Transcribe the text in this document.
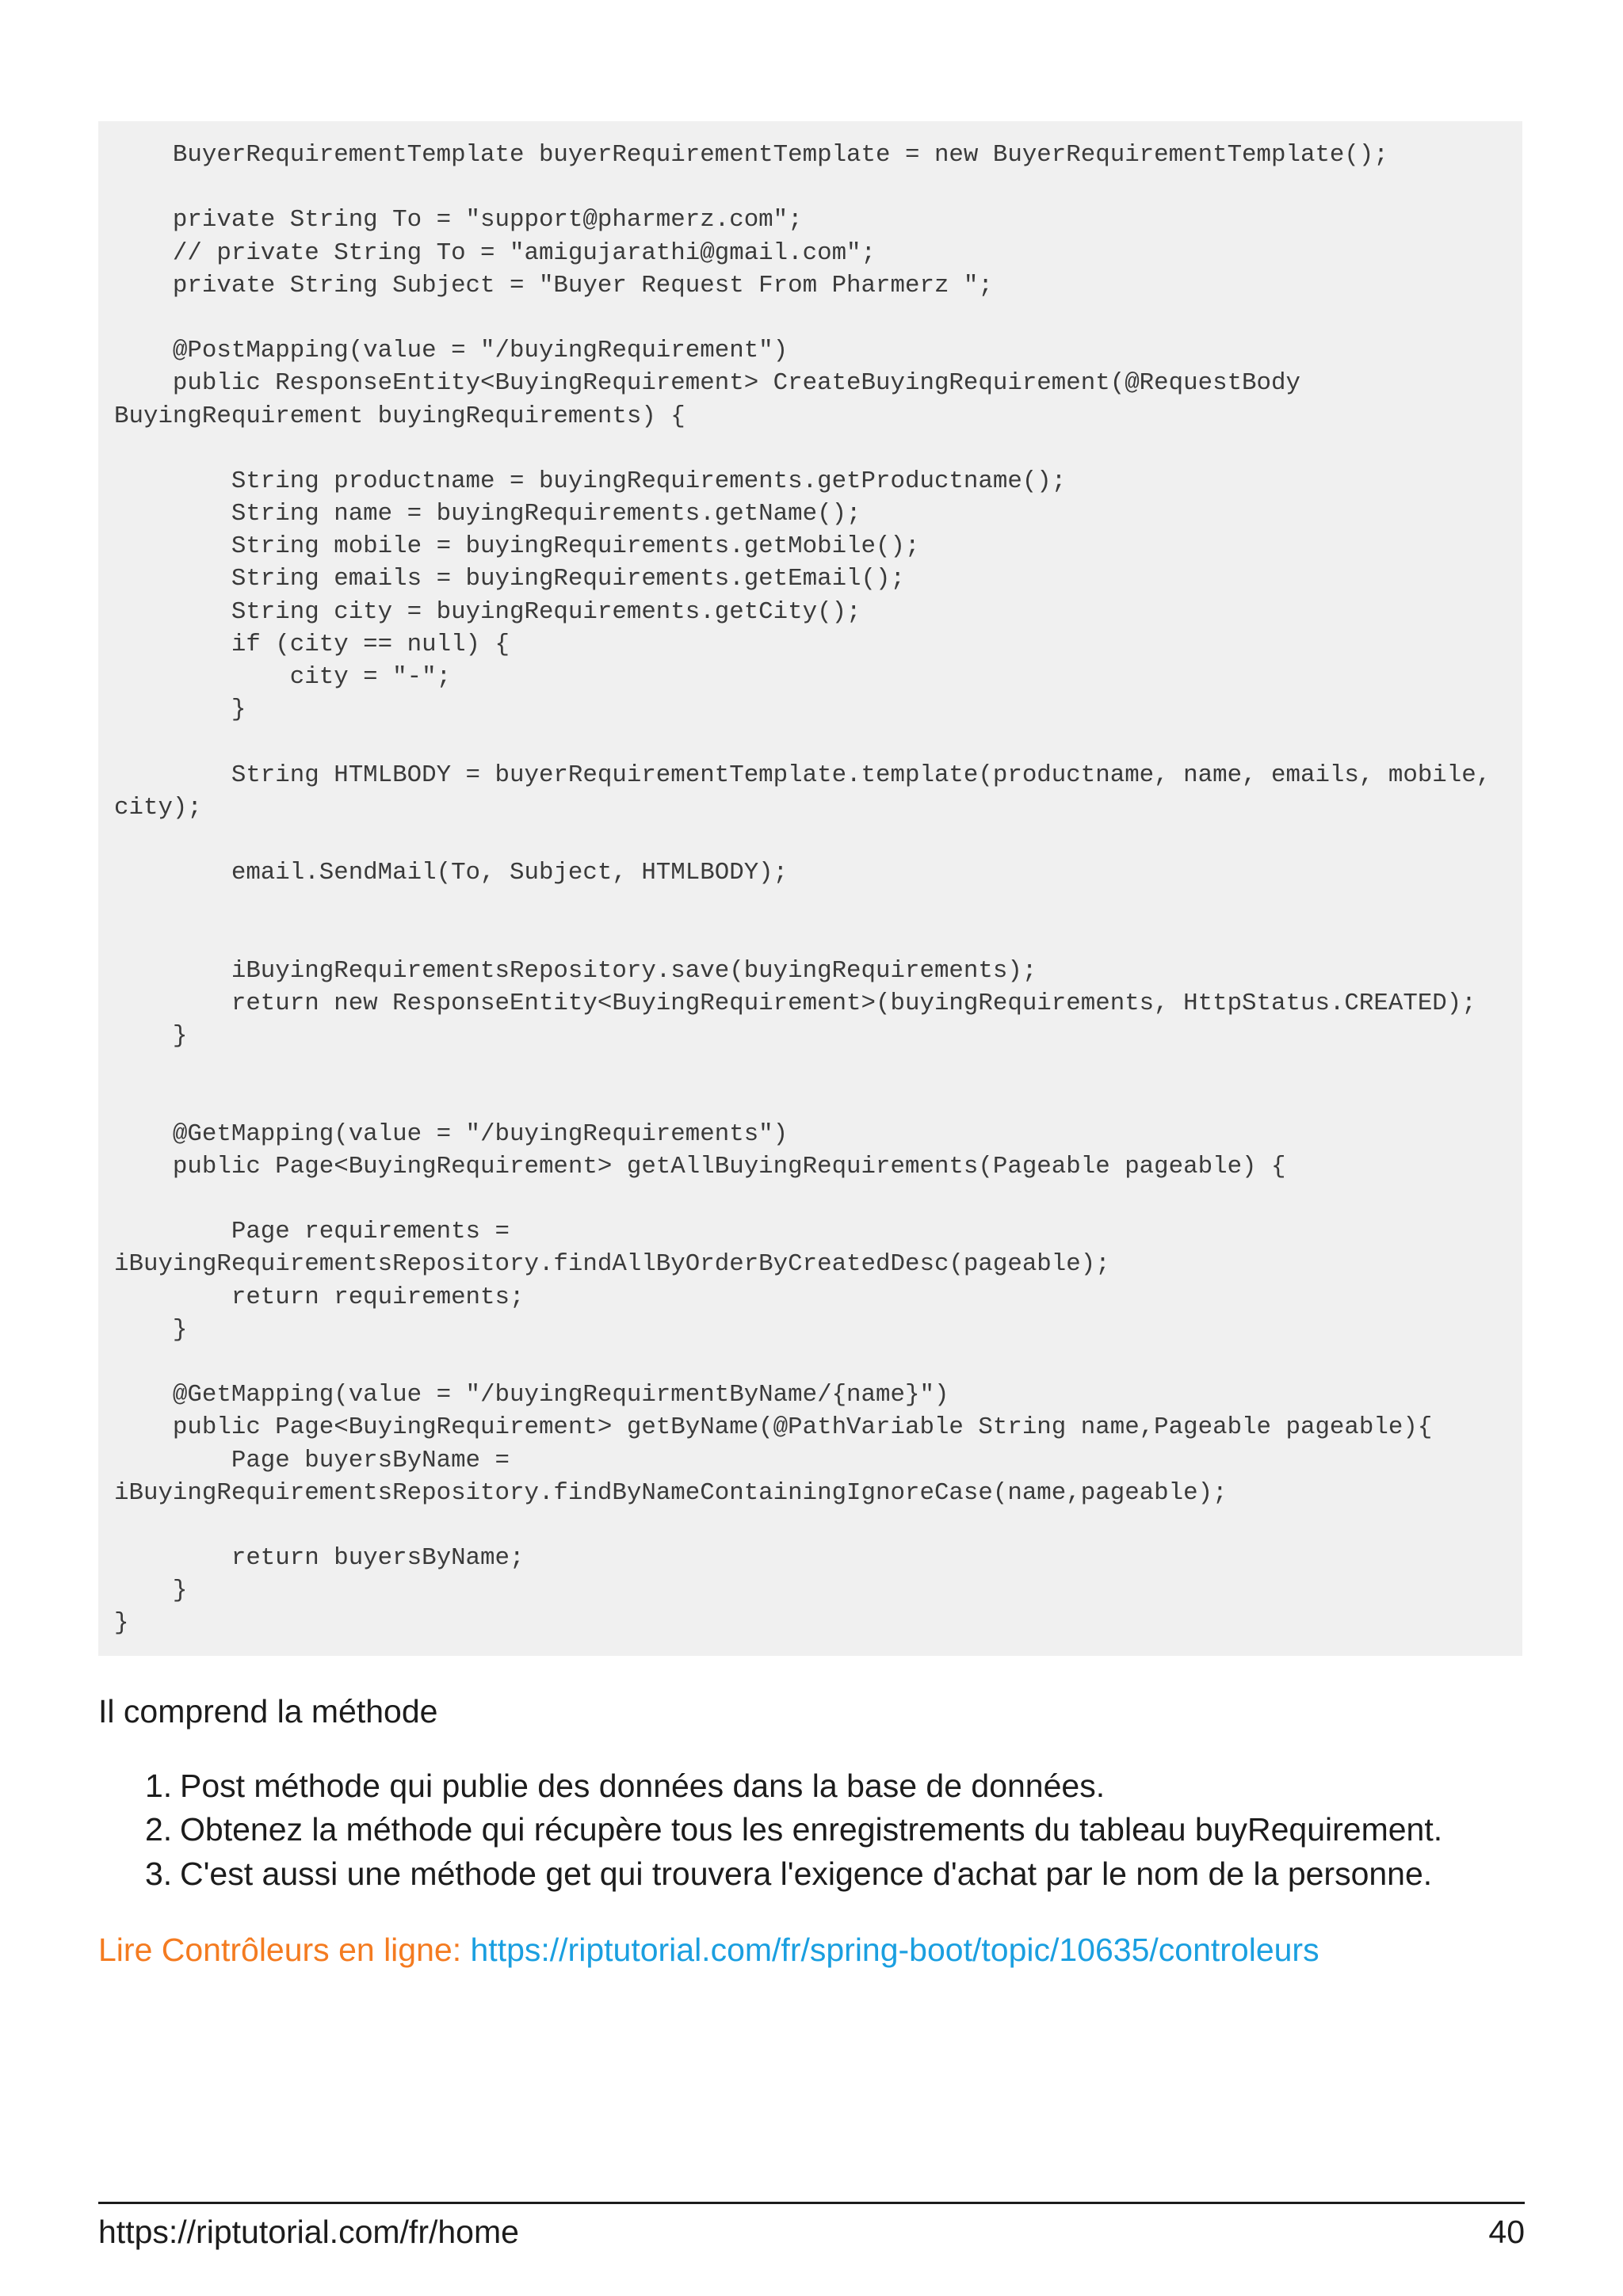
BuyerRequirementTemplate buyerRequirementTemplate = new BuyerRequirementTemplate();
private String To = "support@pharmerz.com";
// private String To = "amigujarathi@gmail.com";
private String Subject = "Buyer Request From Pharmerz ";
@PostMapping(value = "/buyingRequirement")
public ResponseEntity<BuyingRequirement> CreateBuyingRequirement(@RequestBody
BuyingRequirement buyingRequirements) {
String productname = buyingRequirements.getProductname();
String name = buyingRequirements.getName();
String mobile = buyingRequirements.getMobile();
String emails = buyingRequirements.getEmail();
String city = buyingRequirements.getCity();
if (city == null) {
city = "-";
}
String HTMLBODY = buyerRequirementTemplate.template(productname, name, emails, mobile,
city);
email.SendMail(To, Subject, HTMLBODY);
iBuyingRequirementsRepository.save(buyingRequirements);
return new ResponseEntity<BuyingRequirement>(buyingRequirements, HttpStatus.CREATED);
}
@GetMapping(value = "/buyingRequirements")
public Page<BuyingRequirement> getAllBuyingRequirements(Pageable pageable) {
Page requirements =
iBuyingRequirementsRepository.findAllByOrderByCreatedDesc(pageable);
return requirements;
}
@GetMapping(value = "/buyingRequirmentByName/{name}")
public Page<BuyingRequirement> getByName(@PathVariable String name,Pageable pageable){
Page buyersByName =
iBuyingRequirementsRepository.findByNameContainingIgnoreCase(name,pageable);
return buyersByName;
}
}
Il comprend la méthode
1. Post méthode qui publie des données dans la base de données.
2. Obtenez la méthode qui récupère tous les enregistrements du tableau buyRequirement.
3. C'est aussi une méthode get qui trouvera l'exigence d'achat par le nom de la personne.
Lire Contrôleurs en ligne: https://riptutorial.com/fr/spring-boot/topic/10635/controleurs
https://riptutorial.com/fr/home	40
